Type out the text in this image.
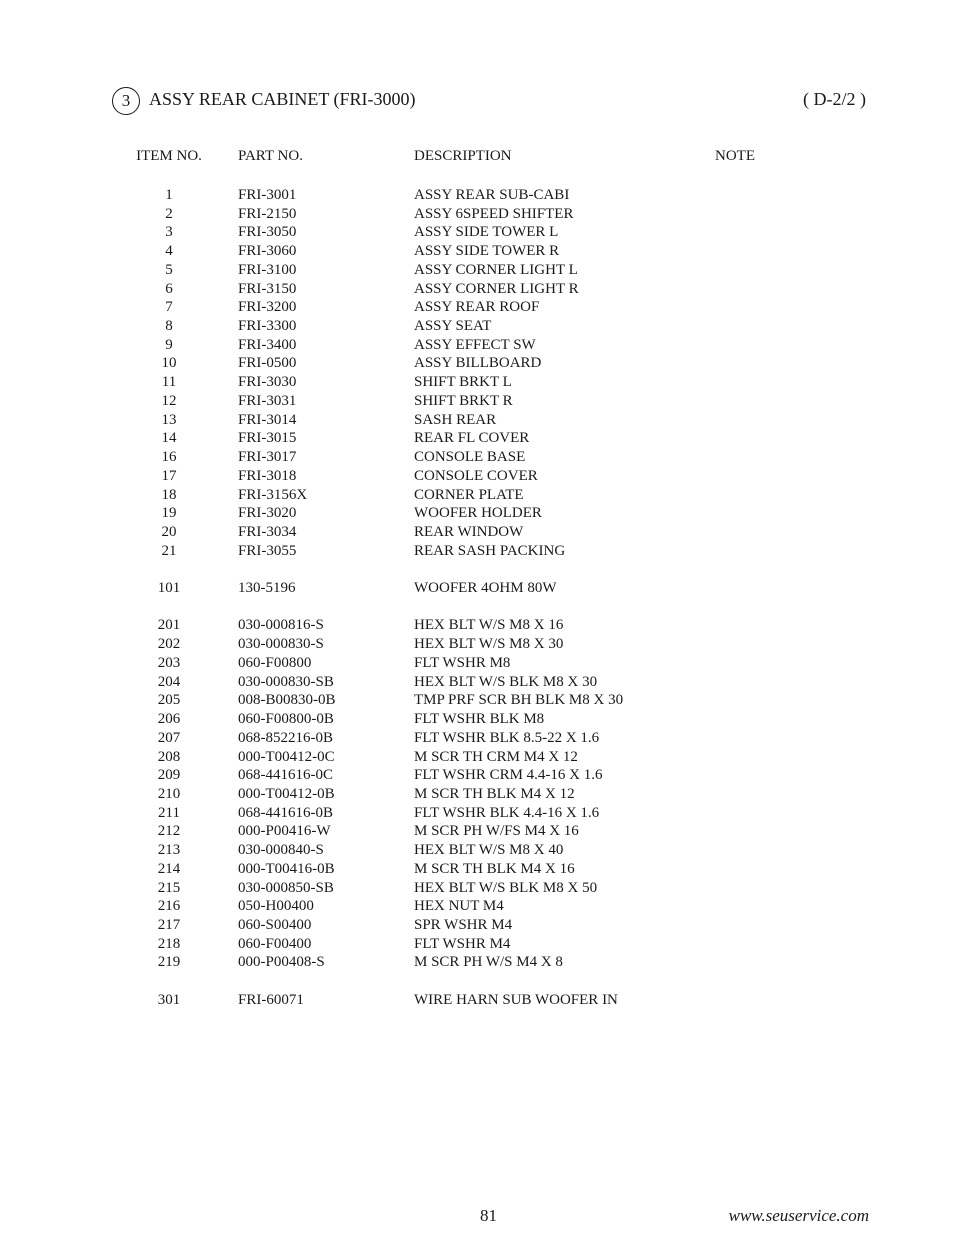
3	ASSY REAR CABINET (FRI-3000)	( D-2/2 )
ITEM NO.	PART NO.	DESCRIPTION	NOTE
1	FRI-3001	ASSY REAR SUB-CABI
2	FRI-2150	ASSY 6SPEED SHIFTER
3	FRI-3050	ASSY SIDE TOWER L
4	FRI-3060	ASSY SIDE TOWER R
5	FRI-3100	ASSY CORNER LIGHT L
6	FRI-3150	ASSY CORNER LIGHT R
7	FRI-3200	ASSY REAR ROOF
8	FRI-3300	ASSY SEAT
9	FRI-3400	ASSY EFFECT SW
10	FRI-0500	ASSY BILLBOARD
11	FRI-3030	SHIFT BRKT L
12	FRI-3031	SHIFT BRKT R
13	FRI-3014	SASH REAR
14	FRI-3015	REAR FL COVER
16	FRI-3017	CONSOLE BASE
17	FRI-3018	CONSOLE COVER
18	FRI-3156X	CORNER PLATE
19	FRI-3020	WOOFER HOLDER
20	FRI-3034	REAR WINDOW
21	FRI-3055	REAR SASH PACKING
101	130-5196	WOOFER 4OHM 80W
201	030-000816-S	HEX BLT W/S M8 X 16
202	030-000830-S	HEX BLT W/S M8 X 30
203	060-F00800	FLT WSHR M8
204	030-000830-SB	HEX BLT W/S BLK M8 X 30
205	008-B00830-0B	TMP PRF SCR BH BLK M8 X 30
206	060-F00800-0B	FLT WSHR BLK M8
207	068-852216-0B	FLT WSHR BLK 8.5-22 X 1.6
208	000-T00412-0C	M SCR TH CRM M4 X 12
209	068-441616-0C	FLT WSHR CRM 4.4-16 X 1.6
210	000-T00412-0B	M SCR TH BLK M4 X 12
211	068-441616-0B	FLT WSHR BLK 4.4-16 X 1.6
212	000-P00416-W	M SCR PH W/FS M4 X 16
213	030-000840-S	HEX BLT W/S M8 X 40
214	000-T00416-0B	M SCR TH BLK M4 X 16
215	030-000850-SB	HEX BLT W/S BLK M8 X 50
216	050-H00400	HEX NUT M4
217	060-S00400	SPR WSHR M4
218	060-F00400	FLT WSHR M4
219	000-P00408-S	M SCR PH W/S M4 X 8
301	FRI-60071	WIRE HARN SUB WOOFER IN
81	www.seuservice.com
